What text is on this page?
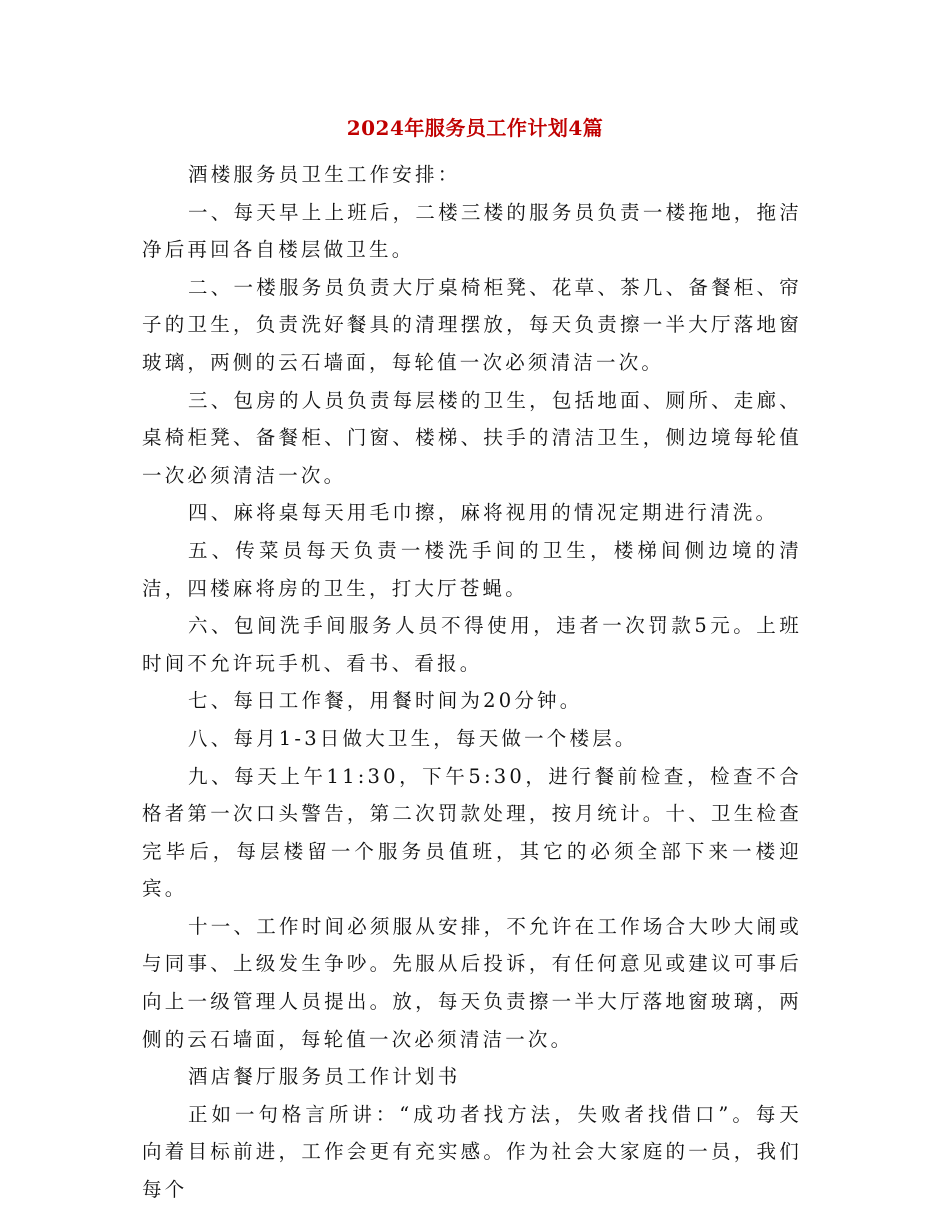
2024年服务员工作计划4篇

酒楼服务员卫生工作安排：

一、每天早上上班后，二楼三楼的服务员负责一楼拖地，拖洁净后再回各自楼层做卫生。

二、一楼服务员负责大厅桌椅柜凳、花草、茶几、备餐柜、帘子的卫生，负责洗好餐具的清理摆放，每天负责擦一半大厅落地窗玻璃，两侧的云石墙面，每轮值一次必须清洁一次。

三、包房的人员负责每层楼的卫生，包括地面、厕所、走廊、桌椅柜凳、备餐柜、门窗、楼梯、扶手的清洁卫生，侧边境每轮值一次必须清洁一次。

四、麻将桌每天用毛巾擦，麻将视用的情况定期进行清洗。

五、传菜员每天负责一楼洗手间的卫生，楼梯间侧边境的清洁，四楼麻将房的卫生，打大厅苍蝇。

六、包间洗手间服务人员不得使用，违者一次罚款5元。上班时间不允许玩手机、看书、看报。

七、每日工作餐，用餐时间为20分钟。

八、每月1-3日做大卫生，每天做一个楼层。

九、每天上午11:30，下午5:30，进行餐前检查，检查不合格者第一次口头警告，第二次罚款处理，按月统计。十、卫生检查完毕后，每层楼留一个服务员值班，其它的必须全部下来一楼迎宾。

十一、工作时间必须服从安排，不允许在工作场合大吵大闹或与同事、上级发生争吵。先服从后投诉，有任何意见或建议可事后向上一级管理人员提出。放，每天负责擦一半大厅落地窗玻璃，两侧的云石墙面，每轮值一次必须清洁一次。

酒店餐厅服务员工作计划书

正如一句格言所讲：“成功者找方法，失败者找借口”。每天向着目标前进，工作会更有充实感。作为社会大家庭的一员，我们每个
